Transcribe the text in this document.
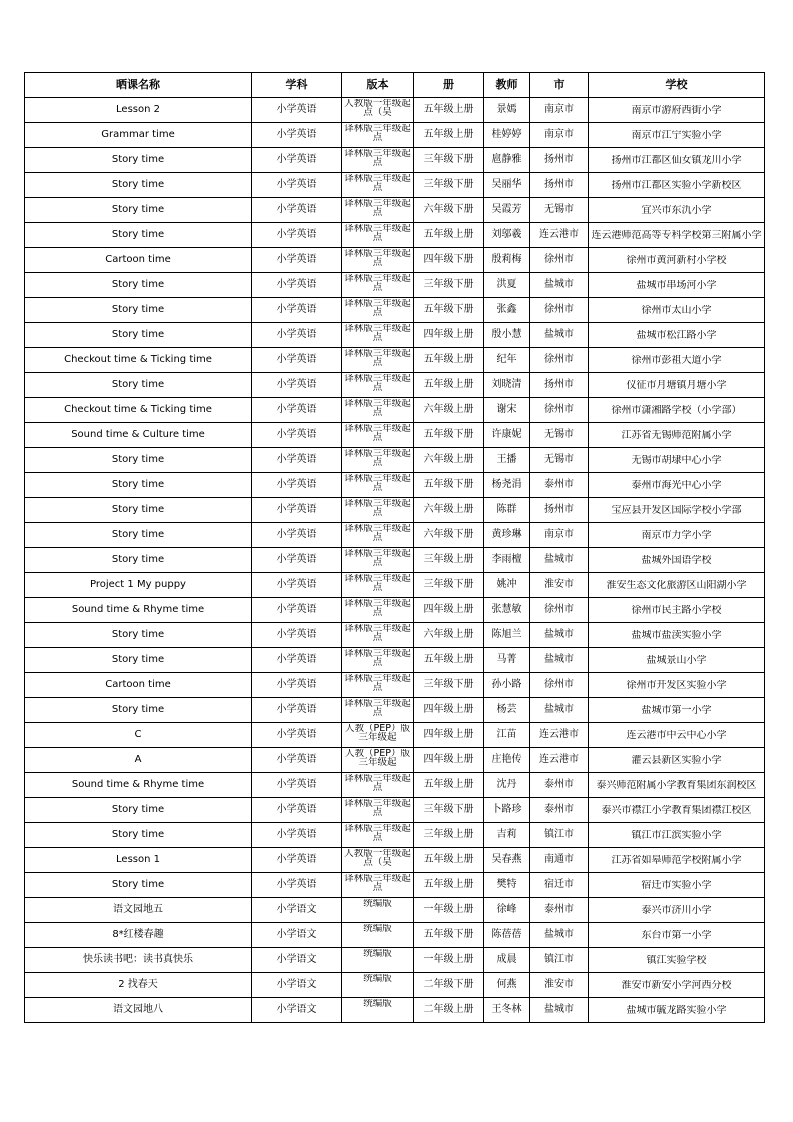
晒课名称	学科	版本	册	教师	市	学校
Lesson 2	小学英语	人教版一年级起点（吴	五年级上册	景嫣	南京市	南京市游府西街小学

Grammar time	小学英语	译林版三年级起点	五年级上册	桂婷婷	南京市	南京市江宁实验小学

Story time	小学英语	译林版三年级起点	三年级下册	扈静雅	扬州市	扬州市江都区仙女镇龙川小学

Story time	小学英语	译林版三年级起点	三年级下册	吴丽华	扬州市	扬州市江都区实验小学新校区

Story time	小学英语	译林版三年级起点	六年级下册	吴霞芳	无锡市	宜兴市东氿小学

Story time	小学英语	译林版三年级起点	五年级上册	刘邬羲	连云港市	连云港师范高等专科学校第三附属小学

Cartoon time	小学英语	译林版三年级起点	四年级下册	殷莉梅	徐州市	徐州市黄河新村小学校

Story time	小学英语	译林版三年级起点	三年级下册	洪夏	盐城市	盐城市串场河小学

Story time	小学英语	译林版三年级起点	五年级下册	张鑫	徐州市	徐州市太山小学

Story time	小学英语	译林版三年级起点	四年级上册	殷小慧	盐城市	盐城市松江路小学

Checkout time & Ticking time	小学英语	译林版三年级起点	五年级上册	纪年	徐州市	徐州市彭祖大道小学

Story time	小学英语	译林版三年级起点	五年级上册	刘晓清	扬州市	仪征市月塘镇月塘小学

Checkout time & Ticking time	小学英语	译林版三年级起点	六年级上册	谢宋	徐州市	徐州市潇湘路学校（小学部）

Sound time & Culture time	小学英语	译林版三年级起点	五年级下册	许康妮	无锡市	江苏省无锡师范附属小学

Story time	小学英语	译林版三年级起点	六年级上册	王播	无锡市	无锡市胡埭中心小学

Story time	小学英语	译林版三年级起点	五年级下册	杨尧涓	泰州市	泰州市海光中心小学

Story time	小学英语	译林版三年级起点	六年级上册	陈群	扬州市	宝应县开发区国际学校小学部

Story time	小学英语	译林版三年级起点	六年级下册	黄珍琳	南京市	南京市力学小学

Story time	小学英语	译林版三年级起点	三年级上册	李雨檀	盐城市	盐城外国语学校

Project 1 My puppy	小学英语	译林版三年级起点	三年级下册	姚冲	淮安市	淮安生态文化旅游区山阳湖小学

Sound time & Rhyme time	小学英语	译林版三年级起点	四年级上册	张慧敏	徐州市	徐州市民主路小学校

Story time	小学英语	译林版三年级起点	六年级上册	陈旭兰	盐城市	盐城市盐渎实验小学

Story time	小学英语	译林版三年级起点	五年级上册	马菁	盐城市	盐城景山小学

Cartoon time	小学英语	译林版三年级起点	三年级下册	孙小路	徐州市	徐州市开发区实验小学

Story time	小学英语	译林版三年级起点	四年级上册	杨芸	盐城市	盐城市第一小学

C	小学英语	人教（PEP）版三年级起	四年级上册	江苗	连云港市	连云港市中云中心小学

A	小学英语	人教（PEP）版三年级起	四年级上册	庄艳传	连云港市	灌云县新区实验小学

Sound time & Rhyme time	小学英语	译林版三年级起点	五年级上册	沈丹	泰州市	泰兴师范附属小学教育集团东润校区

Story time	小学英语	译林版三年级起点	三年级下册	卜路珍	泰州市	泰兴市襟江小学教育集团襟江校区

Story time	小学英语	译林版三年级起点	三年级上册	吉莉	镇江市	镇江市江滨实验小学

Lesson 1	小学英语	人教版一年级起点（吴	五年级上册	吴春燕	南通市	江苏省如皋师范学校附属小学

Story time	小学英语	译林版三年级起点	五年级上册	樊特	宿迁市	宿迁市实验小学

语文园地五	小学语文	统编版	一年级上册	徐峰	泰州市	泰兴市济川小学

8*红楼春趣	小学语文	统编版	五年级下册	陈蓓蓓	盐城市	东台市第一小学

快乐读书吧：读书真快乐	小学语文	统编版	一年级上册	成晨	镇江市	镇江实验学校

2 找春天	小学语文	统编版	二年级下册	何燕	淮安市	淮安市新安小学河西分校

语文园地八	小学语文	统编版	二年级上册	王冬林	盐城市	盐城市毓龙路实验小学
